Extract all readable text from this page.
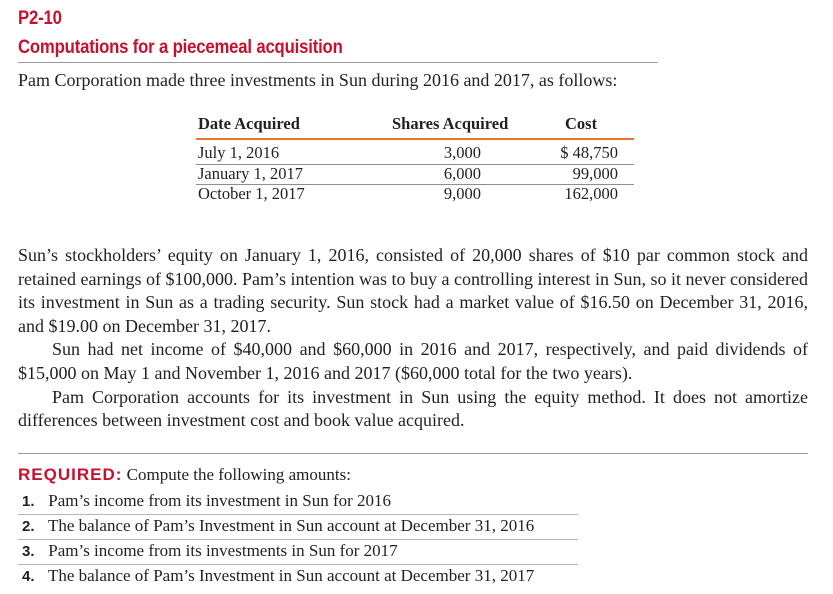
P2-10
Computations for a piecemeal acquisition
Pam Corporation made three investments in Sun during 2016 and 2017, as follows:
Date Acquired	Shares Acquired	Cost
July 1, 2016	3,000	$ 48,750
January 1, 2017	6,000	99,000
October 1, 2017	9,000	162,000

Sun’s stockholders’ equity on January 1, 2016, consisted of 20,000 shares of $10 par common stock and retained earnings of $100,000. Pam’s intention was to buy a controlling interest in Sun, so it never considered its investment in Sun as a trading security. Sun stock had a market value of $16.50 on December 31, 2016, and $19.00 on December 31, 2017.

Sun had net income of $40,000 and $60,000 in 2016 and 2017, respectively, and paid dividends of $15,000 on May 1 and November 1, 2016 and 2017 ($60,000 total for the two years).

Pam Corporation accounts for its investment in Sun using the equity method. It does not amortize differences between investment cost and book value acquired.

REQUIRED: Compute the following amounts:
1. Pam’s income from its investment in Sun for 2016
2. The balance of Pam’s Investment in Sun account at December 31, 2016
3. Pam’s income from its investments in Sun for 2017
4. The balance of Pam’s Investment in Sun account at December 31, 2017
